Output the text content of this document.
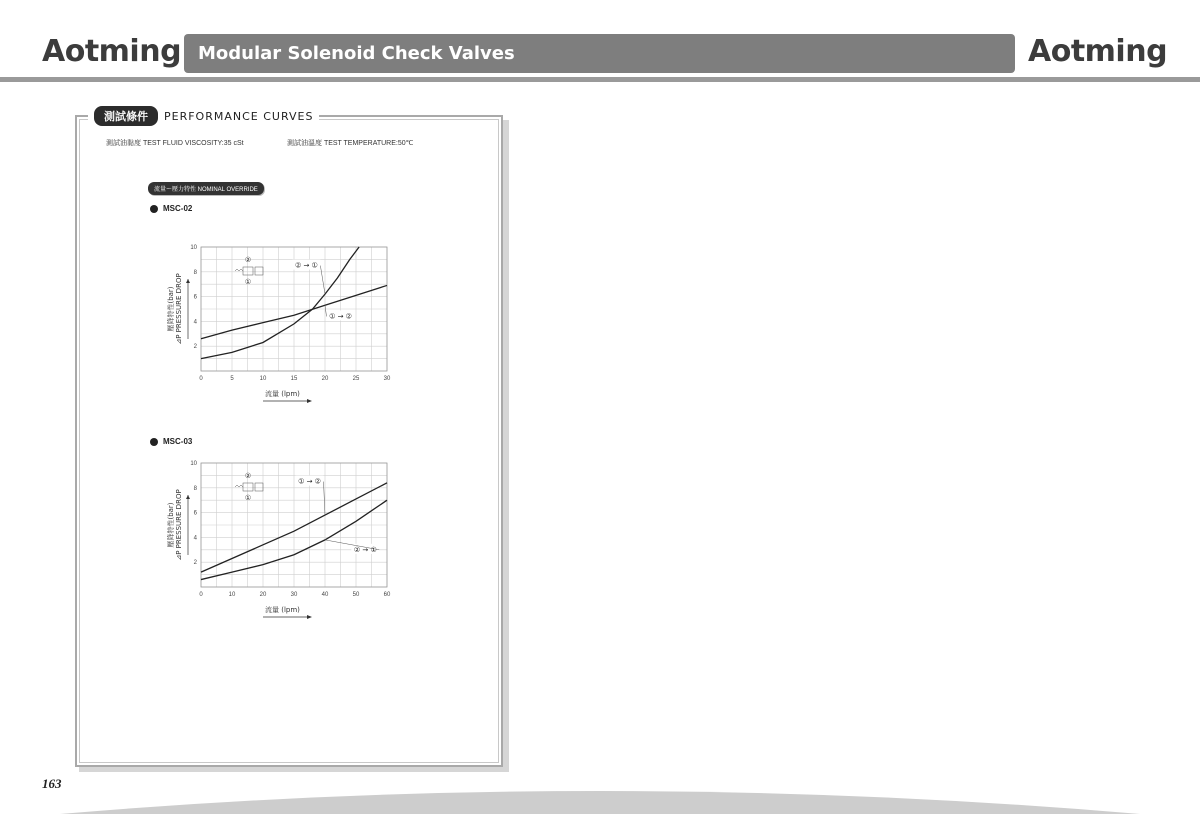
Aotming Modular Solenoid Check Valves	Aotming
測試條件	PERFORMANCE CURVES
測試油黏度 TEST FLUID VISCOSITY:35 cSt	測試油溫度 TEST TEMPERATURE:50℃
流量ー壓力特性 NOMINAL OVERRIDE
MSC-02
MSC-03
0	5	10	15	20	25	30
2
4
6
8
10
壓降特性(bar) ⊿P PRESSURE DROP
流量 (lpm)
② → ①
① → ②
②
①
0	10	20	30	40	50	60
2
4
6
8
10
壓降特性(bar) ⊿P PRESSURE DROP
流量 (lpm)
① → ②
② → ①
②
①
163
